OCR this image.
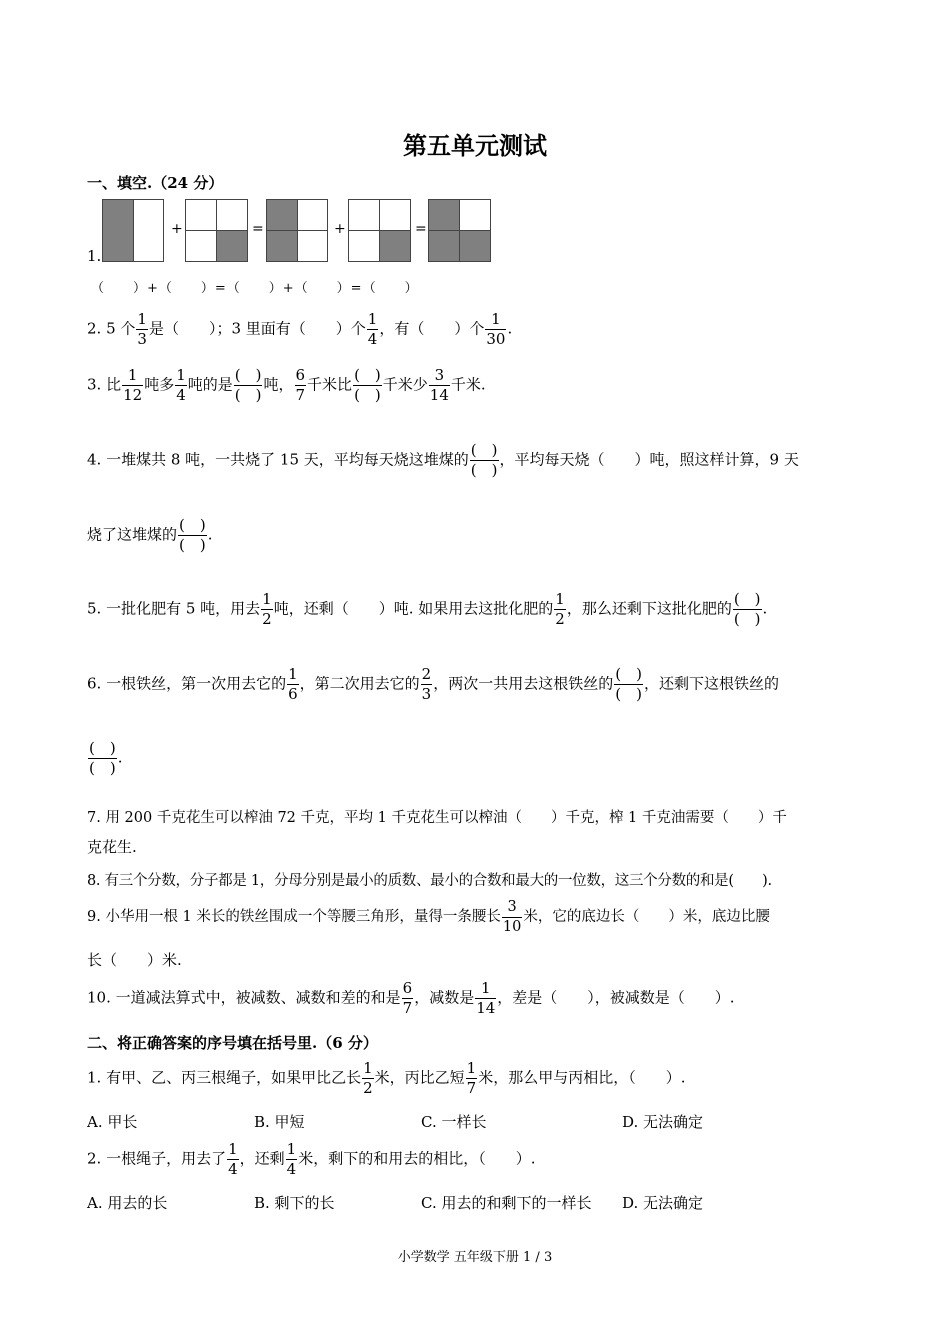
第五单元测试
一、填空.（24 分）
1.
+	=	+	=
（　　）+（　　）=（　　）+（　　）=（　　）
2. 5 个 $\frac{1}{3}$ 是（　　）；3 里面有（　　）个 $\frac{1}{4}$ ，有（　　）个 $\frac{1}{30}$ .
3. 比 $\frac{1}{12}$ 吨多 $\frac{1}{4}$ 吨的是 $\frac{( )}{( )}$ 吨， $\frac{6}{7}$ 千米比 $\frac{( )}{( )}$ 千米少 $\frac{3}{14}$ 千米.
4. 一堆煤共 8 吨，一共烧了 15 天，平均每天烧这堆煤的 $\frac{( )}{( )}$ ，平均每天烧（　　）吨，照这样计算，9 天
烧了这堆煤的 $\frac{( )}{( )}$ .
5. 一批化肥有 5 吨，用去 $\frac{1}{2}$ 吨，还剩（　　）吨. 如果用去这批化肥的 $\frac{1}{2}$ ，那么还剩下这批化肥的 $\frac{( )}{( )}$ .
6. 一根铁丝，第一次用去它的 $\frac{1}{6}$ ，第二次用去它的 $\frac{2}{3}$ ，两次一共用去这根铁丝的 $\frac{( )}{( )}$ ，还剩下这根铁丝的
$\frac{( )}{( )}$ .
7. 用 200 千克花生可以榨油 72 千克，平均 1 千克花生可以榨油（　　）千克，榨 1 千克油需要（　　）千
克花生.
8. 有三个分数，分子都是 1，分母分别是最小的质数、最小的合数和最大的一位数，这三个分数的和是(　　).
9. 小华用一根 1 米长的铁丝围成一个等腰三角形，量得一条腰长 $\frac{3}{10}$ 米，它的底边长（　　）米，底边比腰
长（　　）米.
10. 一道减法算式中，被减数、减数和差的和是 $\frac{6}{7}$ ，减数是 $\frac{1}{14}$ ，差是（　　），被减数是（　　）.
二、将正确答案的序号填在括号里.（6 分）
1. 有甲、乙、丙三根绳子，如果甲比乙长 $\frac{1}{2}$ 米，丙比乙短 $\frac{1}{7}$ 米，那么甲与丙相比，（　　）.
A. 甲长	B. 甲短	C. 一样长	D. 无法确定
2. 一根绳子，用去了 $\frac{1}{4}$ ，还剩 $\frac{1}{4}$ 米，剩下的和用去的相比，（　　）.
A. 用去的长	B. 剩下的长	C. 用去的和剩下的一样长 D. 无法确定
小学数学 五年级下册 1 / 3
